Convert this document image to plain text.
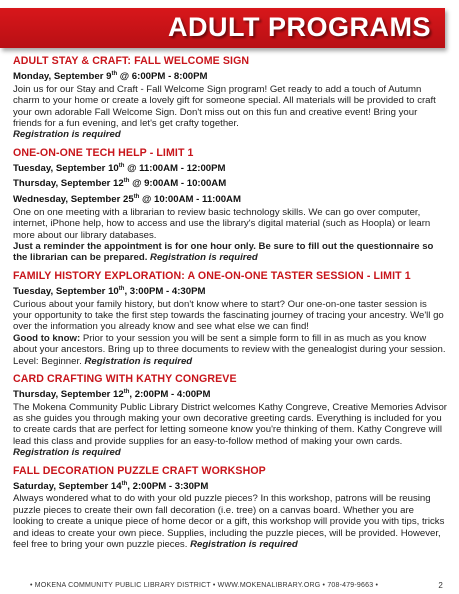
ADULT PROGRAMS
ADULT STAY & CRAFT: FALL WELCOME SIGN
Monday, September 9th @ 6:00PM - 8:00PM
Join us for our Stay and Craft - Fall Welcome Sign program! Get ready to add a touch of Autumn charm to your home or create a lovely gift for someone special. All materials will be provided to craft your own adorable Fall Welcome Sign. Don't miss out on this fun and creative event! Bring your friends for a fun evening, and let's get crafty together.
Registration is required
ONE-ON-ONE TECH HELP - LIMIT 1
Tuesday, September 10th @ 11:00AM - 12:00PM
Thursday, September 12th @ 9:00AM - 10:00AM
Wednesday, September 25th @ 10:00AM - 11:00AM
One on one meeting with a librarian to review basic technology skills. We can go over computer, internet, iPhone help, how to access and use the library's digital material (such as Hoopla) or learn more about our library databases.
Just a reminder the appointment is for one hour only. Be sure to fill out the questionnaire so the librarian can be prepared. Registration is required
FAMILY HISTORY EXPLORATION: A ONE-ON-ONE TASTER SESSION - LIMIT 1
Tuesday, September 10th, 3:00PM - 4:30PM
Curious about your family history, but don't know where to start? Our one-on-one taster session is your opportunity to take the first step towards the fascinating journey of tracing your ancestry. We'll go over the information you already know and see what else we can find!
Good to know: Prior to your session you will be sent a simple form to fill in as much as you know about your ancestors. Bring up to three documents to review with the genealogist during your session. Level: Beginner. Registration is required
CARD CRAFTING WITH KATHY CONGREVE
Thursday, September 12th, 2:00PM - 4:00PM
The Mokena Community Public Library District welcomes Kathy Congreve, Creative Memories Advisor as she guides you through making your own decorative greeting cards. Everything is included for you to create cards that are perfect for letting someone know you're thinking of them. Kathy Congreve will lead this class and provide supplies for an easy-to-follow method of making your own cards. Registration is required
FALL DECORATION PUZZLE CRAFT WORKSHOP
Saturday, September 14th, 2:00PM - 3:30PM
Always wondered what to do with your old puzzle pieces? In this workshop, patrons will be reusing puzzle pieces to create their own fall decoration (i.e. tree) on a canvas board. Whether you are looking to create a unique piece of home decor or a gift, this workshop will provide you with tips, tricks and ideas to create your own piece. Supplies, including the puzzle pieces, will be provided. However, feel free to bring your own puzzle pieces. Registration is required
• MOKENA COMMUNITY PUBLIC LIBRARY DISTRICT • WWW.MOKENALIBRARY.ORG • 708-479-9663 •	2
